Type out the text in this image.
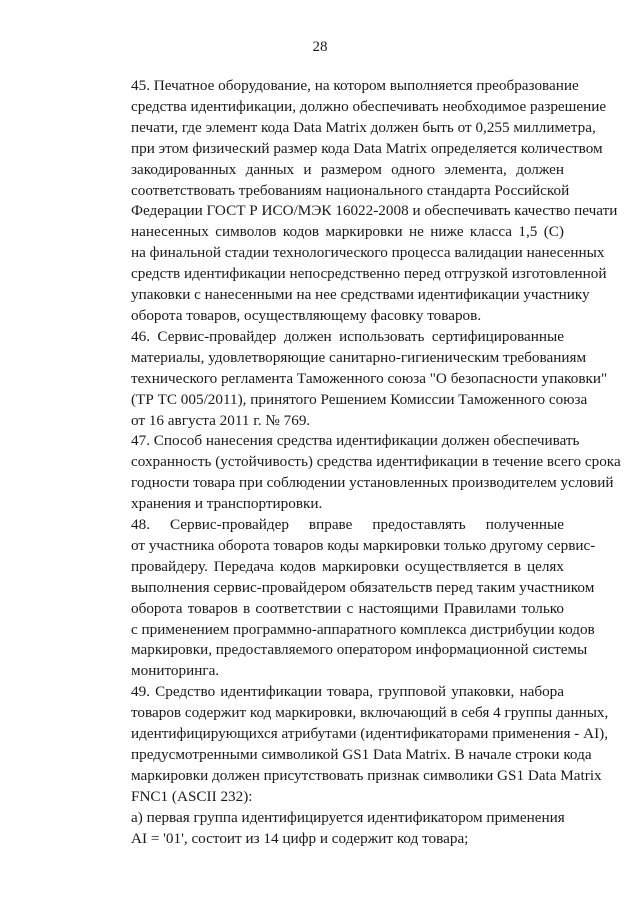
28

45. Печатное оборудование, на котором выполняется преобразование
средства идентификации, должно обеспечивать необходимое разрешение
печати, где элемент кода Data Matrix должен быть от 0,255 миллиметра,
при этом физический размер кода Data Matrix определяется количеством
закодированных данных и размером одного элемента, должен
соответствовать требованиям национального стандарта Российской
Федерации ГОСТ Р ИСО/МЭК 16022-2008 и обеспечивать качество печати
нанесенных символов кодов маркировки не ниже класса 1,5 (С)
на финальной стадии технологического процесса валидации нанесенных
средств идентификации непосредственно перед отгрузкой изготовленной
упаковки с нанесенными на нее средствами идентификации участнику
оборота товаров, осуществляющему фасовку товаров.

46. Сервис-провайдер должен использовать сертифицированные
материалы, удовлетворяющие санитарно-гигиеническим требованиям
технического регламента Таможенного союза "О безопасности упаковки"
(ТР ТС 005/2011), принятого Решением Комиссии Таможенного союза
от 16 августа 2011 г. № 769.

47. Способ нанесения средства идентификации должен обеспечивать
сохранность (устойчивость) средства идентификации в течение всего срока
годности товара при соблюдении установленных производителем условий
хранения и транспортировки.

48. Сервис-провайдер вправе предоставлять полученные
от участника оборота товаров коды маркировки только другому сервис-
провайдеру. Передача кодов маркировки осуществляется в целях
выполнения сервис-провайдером обязательств перед таким участником
оборота товаров в соответствии с настоящими Правилами только
с применением программно-аппаратного комплекса дистрибуции кодов
маркировки, предоставляемого оператором информационной системы
мониторинга.

49. Средство идентификации товара, групповой упаковки, набора
товаров содержит код маркировки, включающий в себя 4 группы данных,
идентифицирующихся атрибутами (идентификаторами применения - AI),
предусмотренными символикой GS1 Data Matrix. В начале строки кода
маркировки должен присутствовать признак символики GS1 Data Matrix
FNC1 (ASCII 232):

а) первая группа идентифицируется идентификатором применения
AI = '01', состоит из 14 цифр и содержит код товара;
